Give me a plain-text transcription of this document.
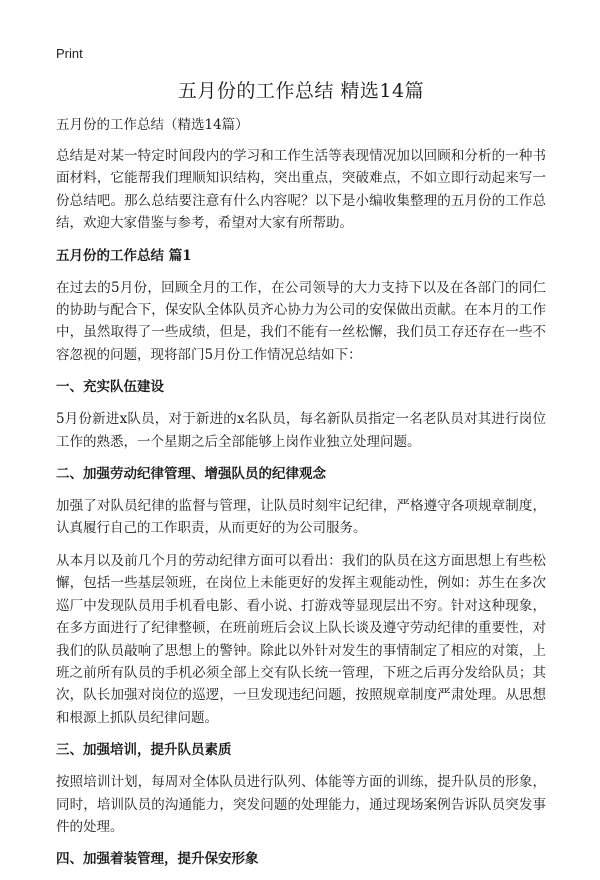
Print
五月份的工作总结 精选14篇
五月份的工作总结（精选14篇）

总结是对某一特定时间段内的学习和工作生活等表现情况加以回顾和分析的一种书面材料，它能帮我们理顺知识结构，突出重点，突破难点，不如立即行动起来写一份总结吧。那么总结要注意有什么内容呢？以下是小编收集整理的五月份的工作总结，欢迎大家借鉴与参考，希望对大家有所帮助。

五月份的工作总结 篇1

在过去的5月份，回顾全月的工作，在公司领导的大力支持下以及在各部门的同仁的协助与配合下，保安队全体队员齐心协力为公司的安保做出贡献。在本月的工作中，虽然取得了一些成绩，但是，我们不能有一丝松懈，我们员工存还存在一些不容忽视的问题，现将部门5月份工作情况总结如下：

一、充实队伍建设

5月份新进x队员，对于新进的x名队员，每名新队员指定一名老队员对其进行岗位工作的熟悉，一个星期之后全部能够上岗作业独立处理问题。

二、加强劳动纪律管理、增强队员的纪律观念

加强了对队员纪律的监督与管理，让队员时刻牢记纪律，严格遵守各项规章制度，认真履行自己的工作职责，从而更好的为公司服务。

从本月以及前几个月的劳动纪律方面可以看出：我们的队员在这方面思想上有些松懈，包括一些基层领班，在岗位上未能更好的发挥主观能动性，例如：苏生在多次巡厂中发现队员用手机看电影、看小说、打游戏等显现层出不穷。针对这种现象，在多方面进行了纪律整顿，在班前班后会议上队长谈及遵守劳动纪律的重要性，对我们的队员敲响了思想上的警钟。除此以外针对发生的事情制定了相应的对策，上班之前所有队员的手机必须全部上交有队长统一管理，下班之后再分发给队员；其次，队长加强对岗位的巡逻，一旦发现违纪问题，按照规章制度严肃处理。从思想和根源上抓队员纪律问题。

三、加强培训，提升队员素质

按照培训计划，每周对全体队员进行队列、体能等方面的训练，提升队员的形象，同时，培训队员的沟通能力，突发问题的处理能力，通过现场案例告诉队员突发事件的处理。

四、加强着装管理，提升保安形象
